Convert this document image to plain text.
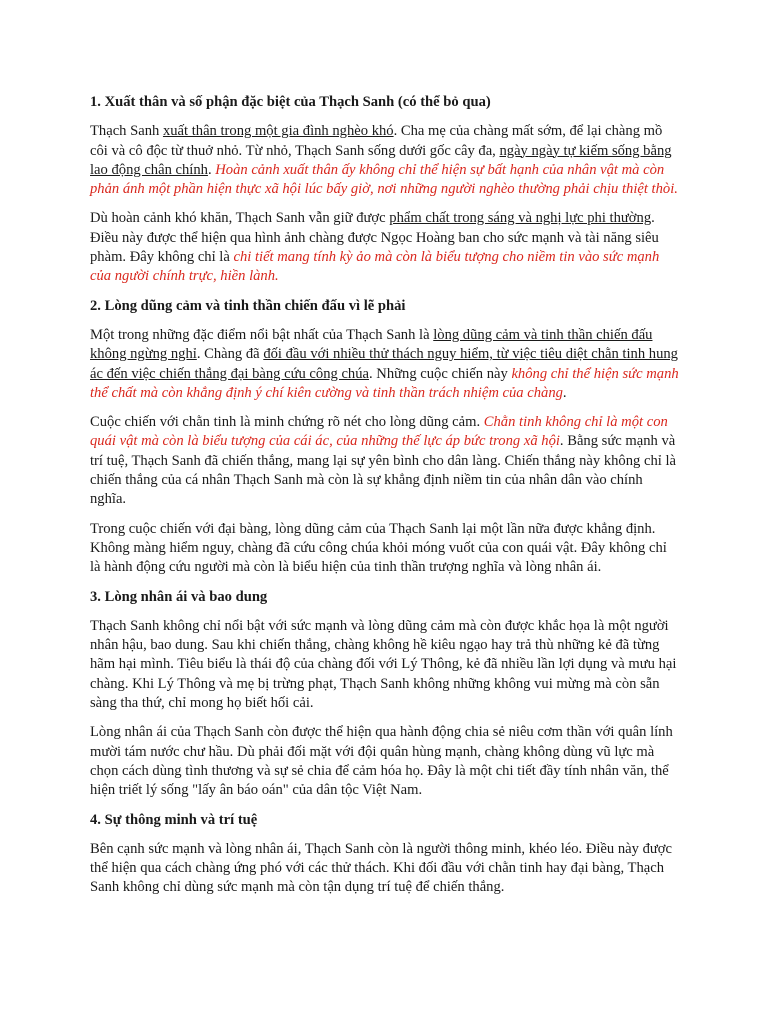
1. Xuất thân và số phận đặc biệt của Thạch Sanh (có thể bỏ qua)

Thạch Sanh xuất thân trong một gia đình nghèo khó. Cha mẹ của chàng mất sớm, để lại chàng mồ côi và cô độc từ thuở nhỏ. Từ nhỏ, Thạch Sanh sống dưới gốc cây đa, ngày ngày tự kiếm sống bằng lao động chân chính. Hoàn cảnh xuất thân ấy không chỉ thể hiện sự bất hạnh của nhân vật mà còn phản ánh một phần hiện thực xã hội lúc bấy giờ, nơi những người nghèo thường phải chịu thiệt thòi.

Dù hoàn cảnh khó khăn, Thạch Sanh vẫn giữ được phẩm chất trong sáng và nghị lực phi thường. Điều này được thể hiện qua hình ảnh chàng được Ngọc Hoàng ban cho sức mạnh và tài năng siêu phàm. Đây không chỉ là chi tiết mang tính kỳ ảo mà còn là biểu tượng cho niềm tin vào sức mạnh của người chính trực, hiền lành.

2. Lòng dũng cảm và tinh thần chiến đấu vì lẽ phải

Một trong những đặc điểm nổi bật nhất của Thạch Sanh là lòng dũng cảm và tinh thần chiến đấu không ngừng nghỉ. Chàng đã đối đầu với nhiều thử thách nguy hiểm, từ việc tiêu diệt chằn tinh hung ác đến việc chiến thắng đại bàng cứu công chúa. Những cuộc chiến này không chỉ thể hiện sức mạnh thể chất mà còn khẳng định ý chí kiên cường và tinh thần trách nhiệm của chàng.

Cuộc chiến với chằn tinh là minh chứng rõ nét cho lòng dũng cảm. Chằn tinh không chỉ là một con quái vật mà còn là biểu tượng của cái ác, của những thế lực áp bức trong xã hội. Bằng sức mạnh và trí tuệ, Thạch Sanh đã chiến thắng, mang lại sự yên bình cho dân làng. Chiến thắng này không chỉ là chiến thắng của cá nhân Thạch Sanh mà còn là sự khẳng định niềm tin của nhân dân vào chính nghĩa.

Trong cuộc chiến với đại bàng, lòng dũng cảm của Thạch Sanh lại một lần nữa được khẳng định. Không màng hiểm nguy, chàng đã cứu công chúa khỏi móng vuốt của con quái vật. Đây không chỉ là hành động cứu người mà còn là biểu hiện của tinh thần trượng nghĩa và lòng nhân ái.

3. Lòng nhân ái và bao dung

Thạch Sanh không chỉ nổi bật với sức mạnh và lòng dũng cảm mà còn được khắc họa là một người nhân hậu, bao dung. Sau khi chiến thắng, chàng không hề kiêu ngạo hay trả thù những kẻ đã từng hãm hại mình. Tiêu biểu là thái độ của chàng đối với Lý Thông, kẻ đã nhiều lần lợi dụng và mưu hại chàng. Khi Lý Thông và mẹ bị trừng phạt, Thạch Sanh không những không vui mừng mà còn sẵn sàng tha thứ, chỉ mong họ biết hối cải.

Lòng nhân ái của Thạch Sanh còn được thể hiện qua hành động chia sẻ niêu cơm thần với quân lính mười tám nước chư hầu. Dù phải đối mặt với đội quân hùng mạnh, chàng không dùng vũ lực mà chọn cách dùng tình thương và sự sẻ chia để cảm hóa họ. Đây là một chi tiết đầy tính nhân văn, thể hiện triết lý sống "lấy ân báo oán" của dân tộc Việt Nam.

4. Sự thông minh và trí tuệ

Bên cạnh sức mạnh và lòng nhân ái, Thạch Sanh còn là người thông minh, khéo léo. Điều này được thể hiện qua cách chàng ứng phó với các thử thách. Khi đối đầu với chằn tinh hay đại bàng, Thạch Sanh không chỉ dùng sức mạnh mà còn tận dụng trí tuệ để chiến thắng.
